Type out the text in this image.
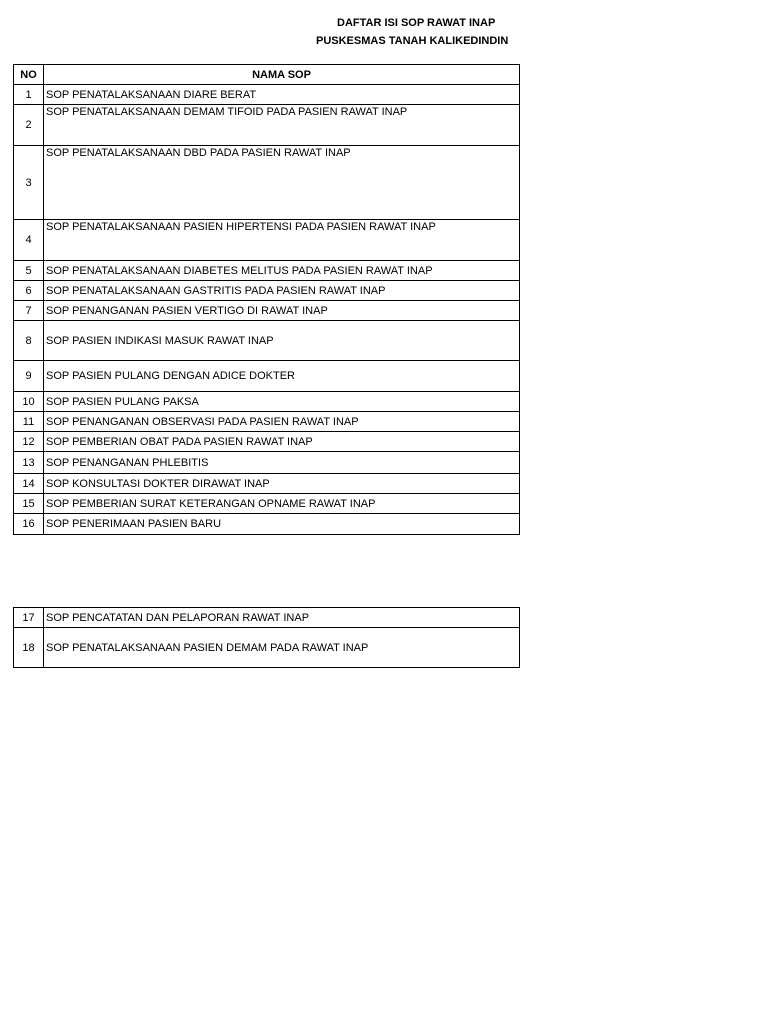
DAFTAR ISI SOP RAWAT INAP
PUSKESMAS TANAH KALIKEDINDIN
NO	NAMA SOP
1	SOP PENATALAKSANAAN DIARE BERAT
2	SOP PENATALAKSANAAN DEMAM TIFOID PADA PASIEN RAWAT INAP
3	SOP PENATALAKSANAAN DBD PADA PASIEN RAWAT INAP
4	SOP PENATALAKSANAAN PASIEN HIPERTENSI PADA PASIEN RAWAT INAP
5	SOP PENATALAKSANAAN DIABETES MELITUS PADA PASIEN RAWAT INAP
6	SOP PENATALAKSANAAN GASTRITIS PADA PASIEN RAWAT INAP
7	SOP PENANGANAN PASIEN VERTIGO DI RAWAT INAP
8	SOP PASIEN INDIKASI MASUK RAWAT INAP
9	SOP PASIEN PULANG DENGAN ADICE DOKTER
10	SOP PASIEN PULANG PAKSA
11	SOP PENANGANAN OBSERVASI PADA PASIEN RAWAT INAP
12	SOP PEMBERIAN OBAT PADA PASIEN RAWAT INAP
13	SOP PENANGANAN PHLEBITIS
14	SOP KONSULTASI DOKTER DIRAWAT INAP
15	SOP PEMBERIAN SURAT KETERANGAN OPNAME RAWAT INAP
16	SOP PENERIMAAN PASIEN BARU
17	SOP PENCATATAN DAN PELAPORAN RAWAT INAP
18	SOP PENATALAKSANAAN PASIEN DEMAM PADA RAWAT INAP
